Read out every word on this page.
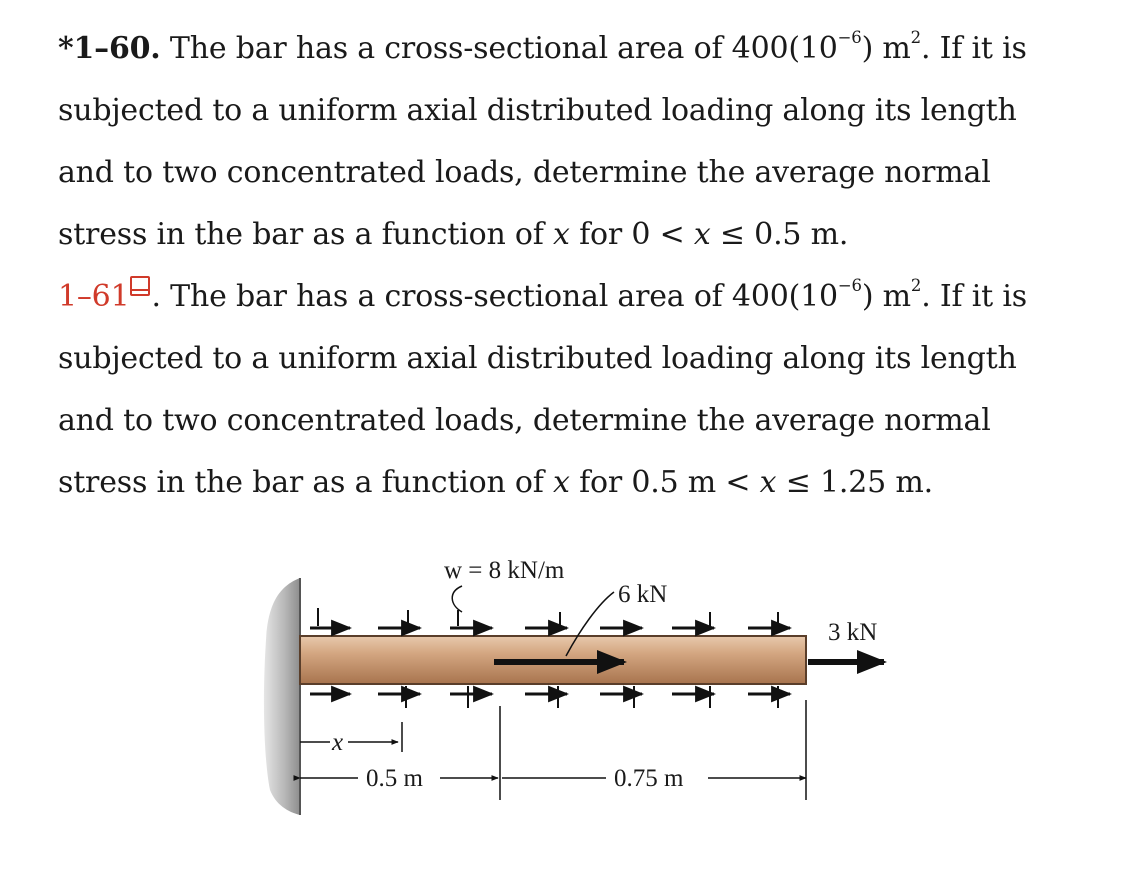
*1–60. The bar has a cross-sectional area of $400(10^{-6})$ $m^2$. If it is
subjected to a uniform axial distributed loading along its length
and to two concentrated loads, determine the average normal
stress in the bar as a function of x for 0 < x ≤ 0.5 m.
1–61 . The bar has a cross-sectional area of $400(10^{-6})$ $m^2$. If it is
subjected to a uniform axial distributed loading along its length
and to two concentrated loads, determine the average normal
stress in the bar as a function of x for 0.5 m < x ≤ 1.25 m.
w = 8 kN/m
6 kN
3 kN
x
0.5 m	0.75 m
